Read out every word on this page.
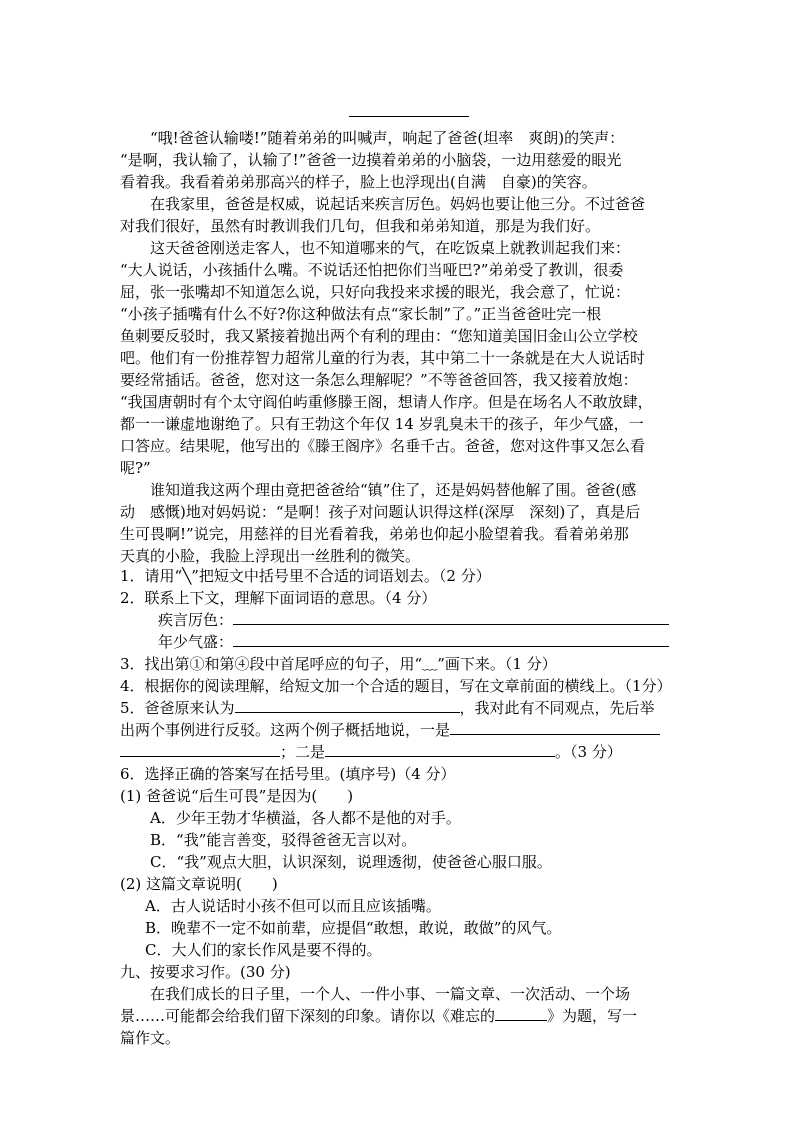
“哦!爸爸认输喽!”随着弟弟的叫喊声，响起了爸爸(坦率　爽朗)的笑声：
“是啊，我认输了，认输了!”爸爸一边摸着弟弟的小脑袋，一边用慈爱的眼光
看着我。我看着弟弟那高兴的样子，脸上也浮现出(自满　自豪)的笑容。
在我家里，爸爸是权威，说起话来疾言厉色。妈妈也要让他三分。不过爸爸
对我们很好，虽然有时教训我们几句，但我和弟弟知道，那是为我们好。
这天爸爸刚送走客人，也不知道哪来的气，在吃饭桌上就教训起我们来：
“大人说话，小孩插什么嘴。不说话还怕把你们当哑巴?”弟弟受了教训，很委
屈，张一张嘴却不知道怎么说，只好向我投来求援的眼光，我会意了，忙说：
“小孩子插嘴有什么不好?你这种做法有点“家长制”了。”正当爸爸吐完一根
鱼刺要反驳时，我又紧接着抛出两个有利的理由：“您知道美国旧金山公立学校
吧。他们有一份推荐智力超常儿童的行为表，其中第二十一条就是在大人说话时
要经常插话。爸爸，您对这一条怎么理解呢？”不等爸爸回答，我又接着放炮：
“我国唐朝时有个太守阎伯屿重修滕王阁，想请人作序。但是在场名人不敢放肆，
都一一谦虚地谢绝了。只有王勃这个年仅 14 岁乳臭未干的孩子，年少气盛，一
口答应。结果呢，他写出的《滕王阁序》名垂千古。爸爸，您对这件事又怎么看
呢?”
谁知道我这两个理由竟把爸爸给“镇”住了，还是妈妈替他解了围。爸爸(感
动　感慨)地对妈妈说：“是啊！孩子对问题认识得这样(深厚　深刻)了，真是后
生可畏啊!”说完，用慈祥的目光看着我，弟弟也仰起小脸望着我。看着弟弟那
天真的小脸，我脸上浮现出一丝胜利的微笑。
1．请用“╲”把短文中括号里不合适的词语划去。（2 分）
2．联系上下文，理解下面词语的意思。（4 分）
疾言厉色：
年少气盛：
3．找出第①和第④段中首尾呼应的句子，用“﹏”画下来。（1 分）
4．根据你的阅读理解，给短文加一个合适的题目，写在文章前面的横线上。（1分）
5．爸爸原来认为	，我对此有不同观点，先后举
出两个事例进行反驳。这两个例子概括地说，一是
；二是	。（3 分）
6．选择正确的答案写在括号里。(填序号)（4 分）
(1) 爸爸说“后生可畏”是因为(　　)
A．少年王勃才华横溢，各人都不是他的对手。
B．“我”能言善变，驳得爸爸无言以对。
C．“我”观点大胆，认识深刻，说理透彻，使爸爸心服口服。
(2) 这篇文章说明(　　)
A．古人说话时小孩不但可以而且应该插嘴。
B．晚辈不一定不如前辈，应提倡“敢想，敢说，敢做”的风气。
C．大人们的家长作风是要不得的。
九、按要求习作。(30 分)
在我们成长的日子里，一个人、一件小事、一篇文章、一次活动、一个场
景……可能都会给我们留下深刻的印象。请你以《难忘的	》为题，写一
篇作文。
